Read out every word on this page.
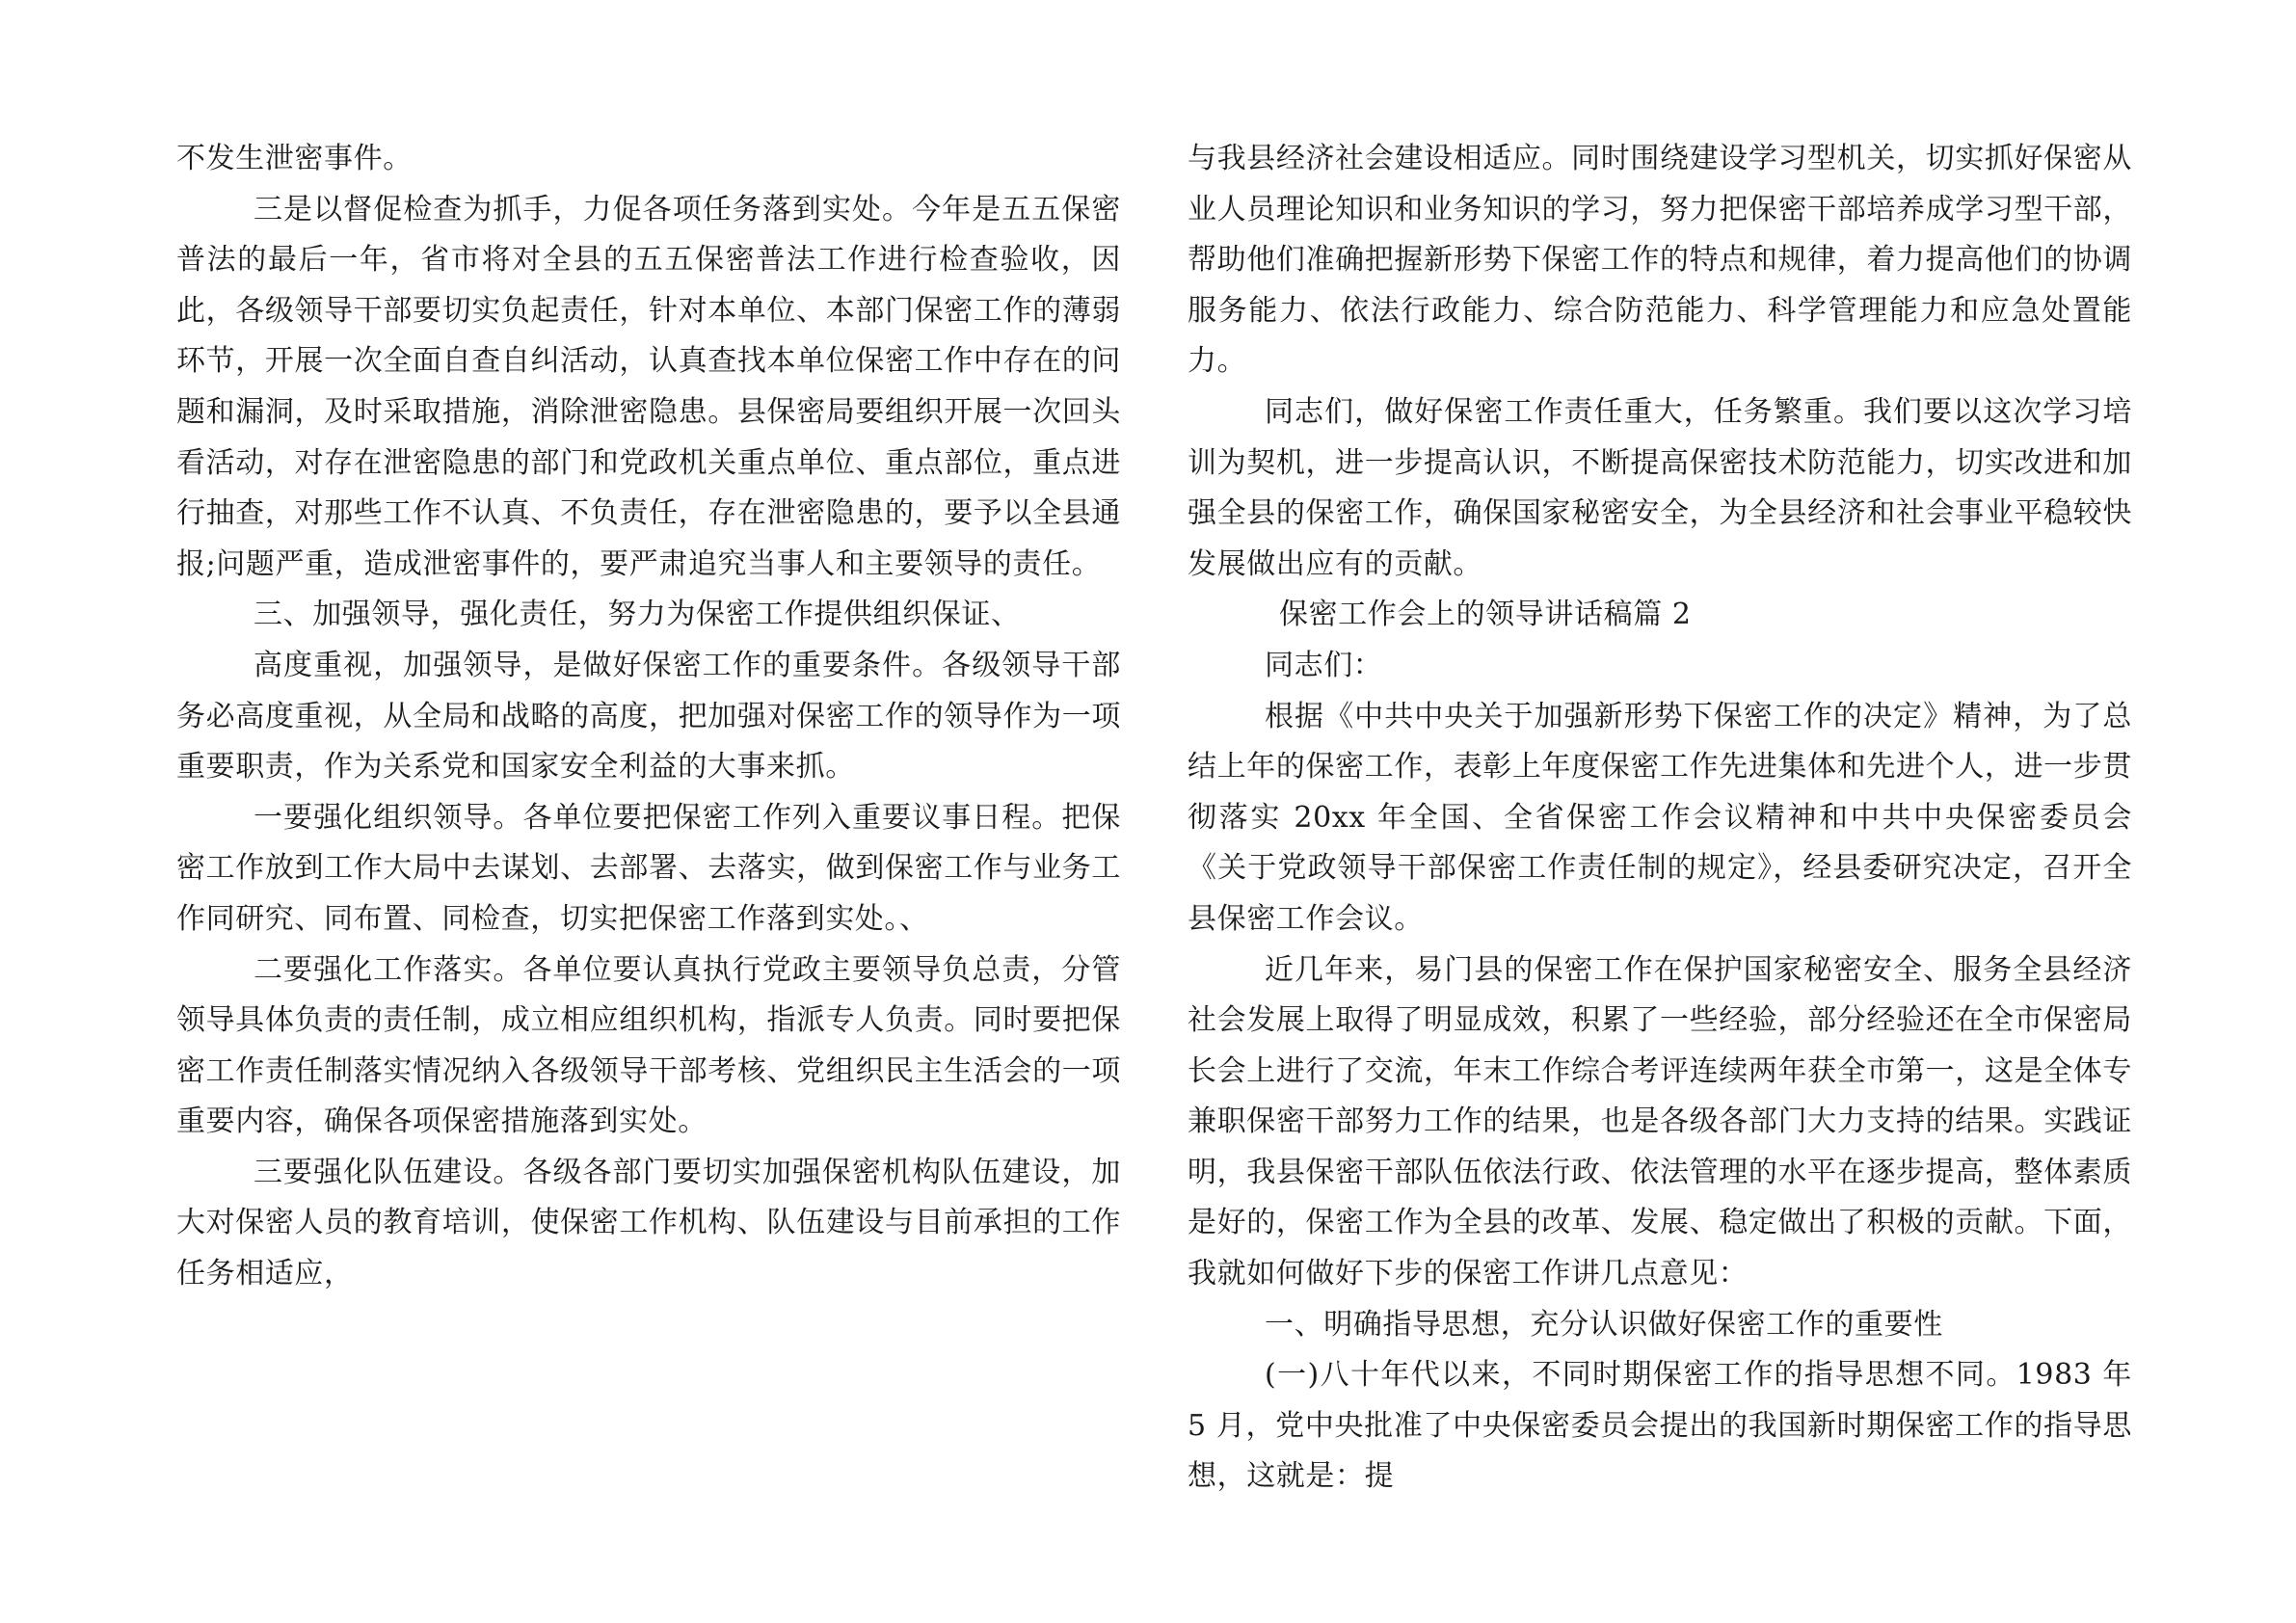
不发生泄密事件。

三是以督促检查为抓手，力促各项任务落到实处。今年是五五保密普法的最后一年，省市将对全县的五五保密普法工作进行检查验收，因此，各级领导干部要切实负起责任，针对本单位、本部门保密工作的薄弱环节，开展一次全面自查自纠活动，认真查找本单位保密工作中存在的问题和漏洞，及时采取措施，消除泄密隐患。县保密局要组织开展一次回头看活动，对存在泄密隐患的部门和党政机关重点单位、重点部位，重点进行抽查，对那些工作不认真、不负责任，存在泄密隐患的，要予以全县通报;问题严重，造成泄密事件的，要严肃追究当事人和主要领导的责任。

三、加强领导，强化责任，努力为保密工作提供组织保证、

高度重视，加强领导，是做好保密工作的重要条件。各级领导干部务必高度重视，从全局和战略的高度，把加强对保密工作的领导作为一项重要职责，作为关系党和国家安全利益的大事来抓。

一要强化组织领导。各单位要把保密工作列入重要议事日程。把保密工作放到工作大局中去谋划、去部署、去落实，做到保密工作与业务工作同研究、同布置、同检查，切实把保密工作落到实处。、

二要强化工作落实。各单位要认真执行党政主要领导负总责，分管领导具体负责的责任制，成立相应组织机构，指派专人负责。同时要把保密工作责任制落实情况纳入各级领导干部考核、党组织民主生活会的一项重要内容，确保各项保密措施落到实处。

三要强化队伍建设。各级各部门要切实加强保密机构队伍建设，加大对保密人员的教育培训，使保密工作机构、队伍建设与目前承担的工作任务相适应，

与我县经济社会建设相适应。同时围绕建设学习型机关，切实抓好保密从业人员理论知识和业务知识的学习，努力把保密干部培养成学习型干部，帮助他们准确把握新形势下保密工作的特点和规律，着力提高他们的协调服务能力、依法行政能力、综合防范能力、科学管理能力和应急处置能力。

同志们，做好保密工作责任重大，任务繁重。我们要以这次学习培训为契机，进一步提高认识，不断提高保密技术防范能力，切实改进和加强全县的保密工作，确保国家秘密安全，为全县经济和社会事业平稳较快发展做出应有的贡献。

保密工作会上的领导讲话稿篇 2

同志们：

根据《中共中央关于加强新形势下保密工作的决定》精神，为了总结上年的保密工作，表彰上年度保密工作先进集体和先进个人，进一步贯彻落实 20xx 年全国、全省保密工作会议精神和中共中央保密委员会《关于党政领导干部保密工作责任制的规定》，经县委研究决定，召开全县保密工作会议。

近几年来，易门县的保密工作在保护国家秘密安全、服务全县经济社会发展上取得了明显成效，积累了一些经验，部分经验还在全市保密局长会上进行了交流，年末工作综合考评连续两年获全市第一，这是全体专兼职保密干部努力工作的结果，也是各级各部门大力支持的结果。实践证明，我县保密干部队伍依法行政、依法管理的水平在逐步提高，整体素质是好的，保密工作为全县的改革、发展、稳定做出了积极的贡献。下面，我就如何做好下步的保密工作讲几点意见：

一、明确指导思想，充分认识做好保密工作的重要性

(一)八十年代以来，不同时期保密工作的指导思想不同。1983 年 5 月，党中央批准了中央保密委员会提出的我国新时期保密工作的指导思想，这就是：提
